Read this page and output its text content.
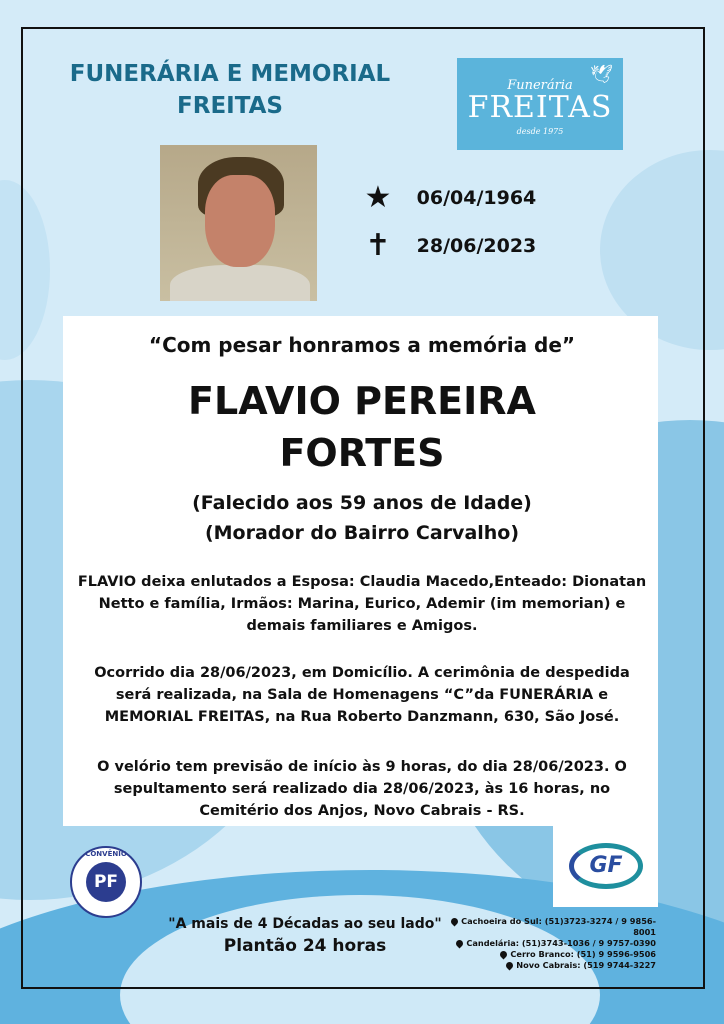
FUNERÁRIA E MEMORIAL
FREITAS
🕊
Funerária
FREITAS
desde 1975
★ 06/04/1964
✝ 28/06/2023
“Com pesar honramos a memória de”
FLAVIO PEREIRA
FORTES
(Falecido aos 59 anos de Idade)
(Morador do Bairro Carvalho)
FLAVIO deixa enlutados a Esposa: Claudia Macedo,Enteado: Dionatan Netto e família, Irmãos: Marina, Eurico, Ademir (im memorian) e demais familiares e Amigos.
Ocorrido dia 28/06/2023, em Domicílio. A cerimônia de despedida será realizada, na Sala de Homenagens “C”da FUNERÁRIA e MEMORIAL FREITAS, na Rua Roberto Danzmann, 630, São José.
O velório tem previsão de início às 9 horas, do dia 28/06/2023. O sepultamento será realizado dia 28/06/2023, às 16 horas, no Cemitério dos Anjos, Novo Cabrais - RS.
CONVÊNIO
PF
GF
"A mais de 4 Décadas ao seu lado"
Plantão 24 horas
Cachoeira do Sul: (51)3723-3274 / 9 9856-8001
Candelária: (51)3743-1036 / 9 9757-0390
Cerro Branco: (51) 9 9596-9506
Novo Cabrais: (519 9744-3227
